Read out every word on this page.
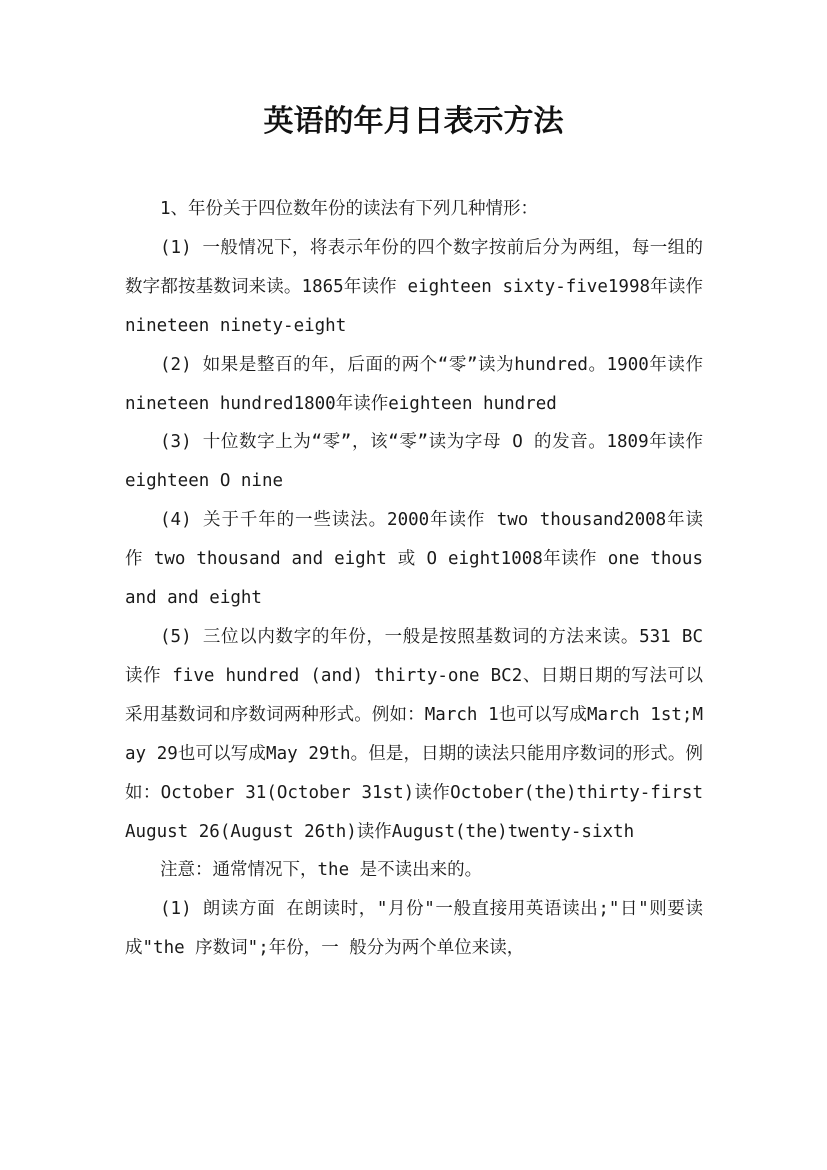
英语的年月日表示方法

1、年份关于四位数年份的读法有下列几种情形：

(1) 一般情况下，将表示年份的四个数字按前后分为两组，每一组的数字都按基数词来读。1865年读作 eighteen sixty-five1998年读作 nineteen ninety-eight

(2) 如果是整百的年，后面的两个“零”读为hundred。1900年读作 nineteen hundred1800年读作eighteen hundred

(3) 十位数字上为“零”，该“零”读为字母 O 的发音。1809年读作 eighteen O nine

(4) 关于千年的一些读法。2000年读作 two thousand2008年读作 two thousand and eight 或 O eight1008年读作 one thousand and eight

(5) 三位以内数字的年份，一般是按照基数词的方法来读。531 BC 读作 five hundred (and) thirty-one BC2、日期日期的写法可以采用基数词和序数词两种形式。例如：March 1也可以写成March 1st;May 29也可以写成May 29th。但是，日期的读法只能用序数词的形式。例如：October 31(October 31st)读作October(the)thirty-firstAugust 26(August 26th)读作August(the)twenty-sixth

注意：通常情况下，the 是不读出来的。

(1) 朗读方面 在朗读时，"月份"一般直接用英语读出;"日"则要读成"the 序数词";年份，一 般分为两个单位来读，
